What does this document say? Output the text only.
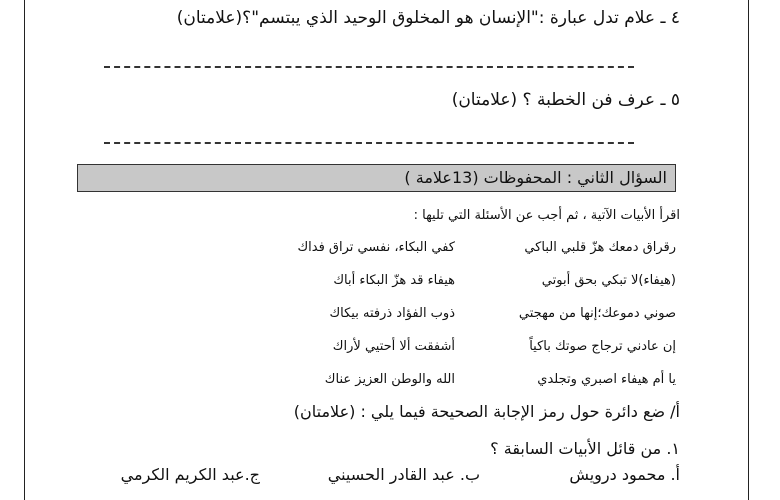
٤ ـ علام تدل عبارة :"الإنسان هو المخلوق الوحيد الذي يبتسم"؟(علامتان)
٥ ـ عرف فن الخطبة ؟ (علامتان)
السؤال الثاني : المحفوظات (13علامة )
اقرأ الأبيات الآتية ، ثم أجب عن الأسئلة التي تليها :
رقراق دمعك هزّ قلبي الباكي
كفي البكاء، نفسي تراق فداك
(هيفاء)لا تبكي بحق أبوتي
هيفاء قد هزّ البكاء أباك
صوني دموعك؛إنها من مهجتي
ذوب الفؤاد ذرفته بيكاك
إن عادني ترجاج صوتك باكياً
أشفقت ألا أحتيي لأراك
يا أم هيفاء اصبري وتجلدي
الله والوطن العزيز عناك
أ/ ضع دائرة حول رمز الإجابة الصحيحة فيما يلي : (علامتان)
١. من قائل الأبيات السابقة ؟
أ. محمود درويش
ب. عبد القادر الحسيني
ج.عبد الكريم الكرمي
